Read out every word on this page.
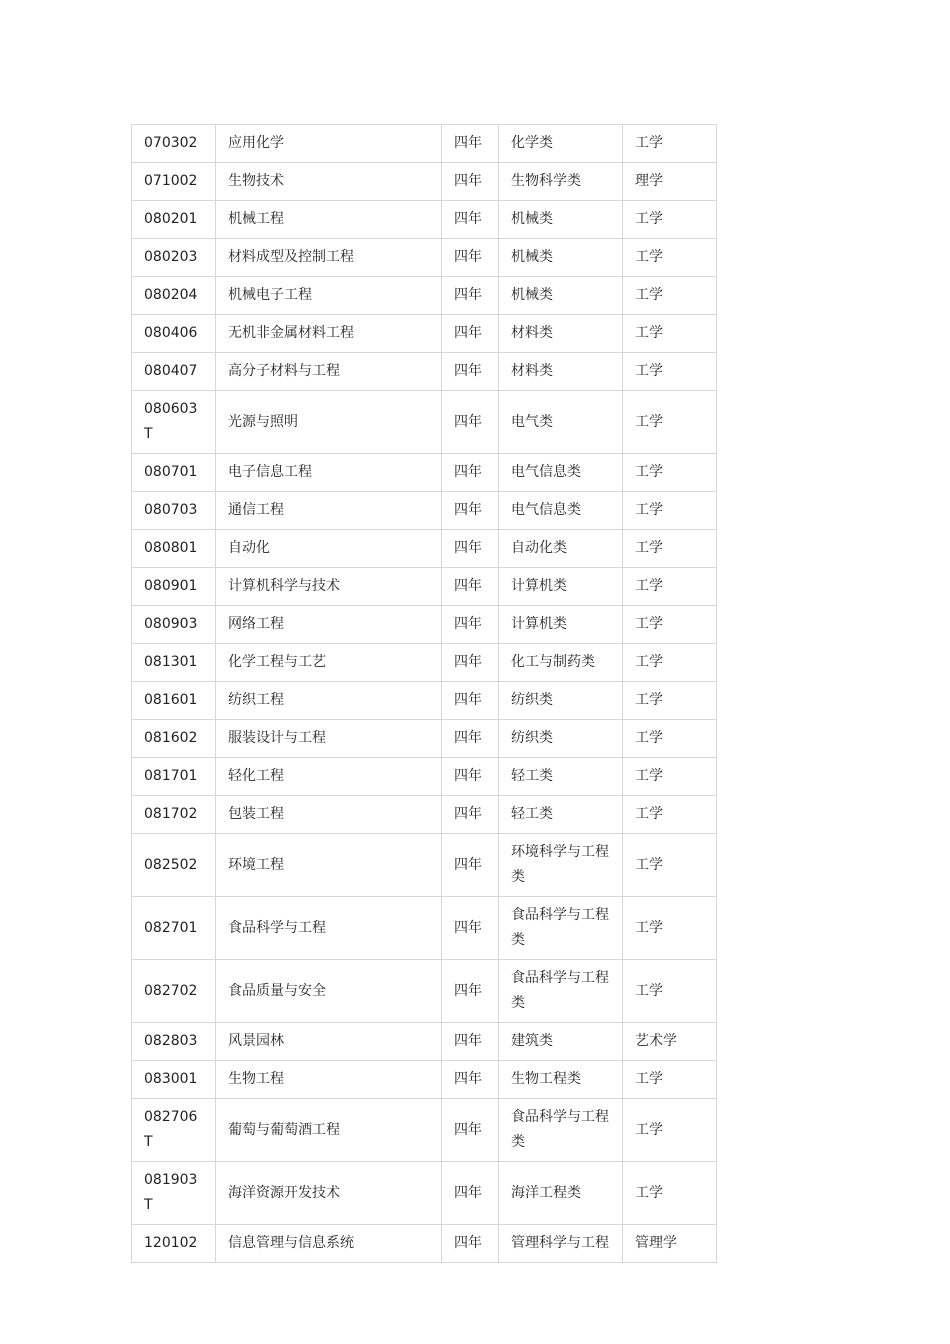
070302	应用化学	四年	化学类	工学
071002	生物技术	四年	生物科学类	理学
080201	机械工程	四年	机械类	工学
080203	材料成型及控制工程	四年	机械类	工学
080204	机械电子工程	四年	机械类	工学
080406	无机非金属材料工程	四年	材料类	工学
080407	高分子材料与工程	四年	材料类	工学
080603T	光源与照明	四年	电气类	工学
080701	电子信息工程	四年	电气信息类	工学
080703	通信工程	四年	电气信息类	工学
080801	自动化	四年	自动化类	工学
080901	计算机科学与技术	四年	计算机类	工学
080903	网络工程	四年	计算机类	工学
081301	化学工程与工艺	四年	化工与制药类	工学
081601	纺织工程	四年	纺织类	工学
081602	服装设计与工程	四年	纺织类	工学
081701	轻化工程	四年	轻工类	工学
081702	包装工程	四年	轻工类	工学
082502	环境工程	四年	环境科学与工程类	工学
082701	食品科学与工程	四年	食品科学与工程类	工学
082702	食品质量与安全	四年	食品科学与工程类	工学
082803	风景园林	四年	建筑类	艺术学
083001	生物工程	四年	生物工程类	工学
082706T	葡萄与葡萄酒工程	四年	食品科学与工程类	工学
081903T	海洋资源开发技术	四年	海洋工程类	工学
120102	信息管理与信息系统	四年	管理科学与工程	管理学
